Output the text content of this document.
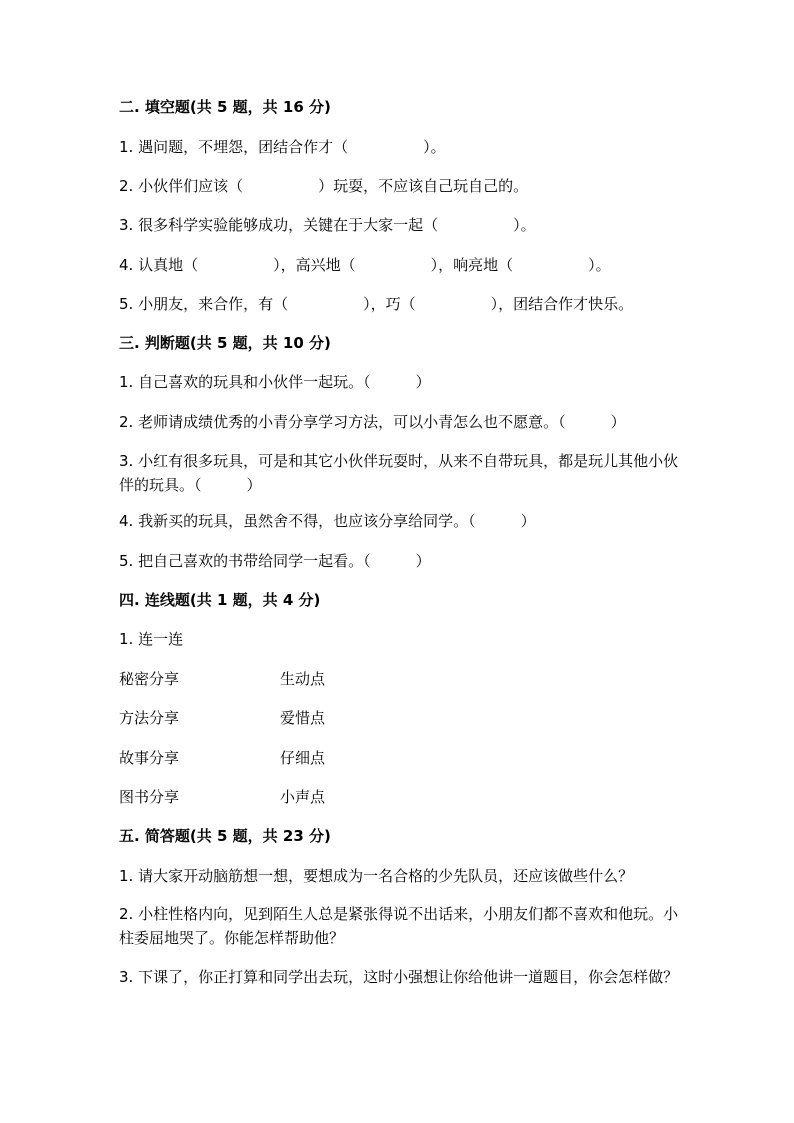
二. 填空题(共 5 题，共 16 分)
1. 遇问题，不埋怨，团结合作才（　　　　　）。
2. 小伙伴们应该（　　　　　）玩耍，不应该自己玩自己的。
3. 很多科学实验能够成功，关键在于大家一起（　　　　　）。
4. 认真地（　　　　　），高兴地（　　　　　），响亮地（　　　　　）。
5. 小朋友，来合作，有（　　　　　），巧（　　　　　），团结合作才快乐。
三. 判断题(共 5 题，共 10 分)
1. 自己喜欢的玩具和小伙伴一起玩。（　　　）
2. 老师请成绩优秀的小青分享学习方法，可以小青怎么也不愿意。（　　　）
3. 小红有很多玩具，可是和其它小伙伴玩耍时，从来不自带玩具，都是玩儿其他小伙伴的玩具。（　　　）
4. 我新买的玩具，虽然舍不得，也应该分享给同学。（　　　）
5. 把自己喜欢的书带给同学一起看。（　　　）
四. 连线题(共 1 题，共 4 分)
1. 连一连
秘密分享	生动点
方法分享	爱惜点
故事分享	仔细点
图书分享	小声点
五. 简答题(共 5 题，共 23 分)
1. 请大家开动脑筋想一想，要想成为一名合格的少先队员，还应该做些什么？
2. 小柱性格内向，见到陌生人总是紧张得说不出话来，小朋友们都不喜欢和他玩。小柱委屈地哭了。你能怎样帮助他？
3. 下课了，你正打算和同学出去玩，这时小强想让你给他讲一道题目，你会怎样做？
